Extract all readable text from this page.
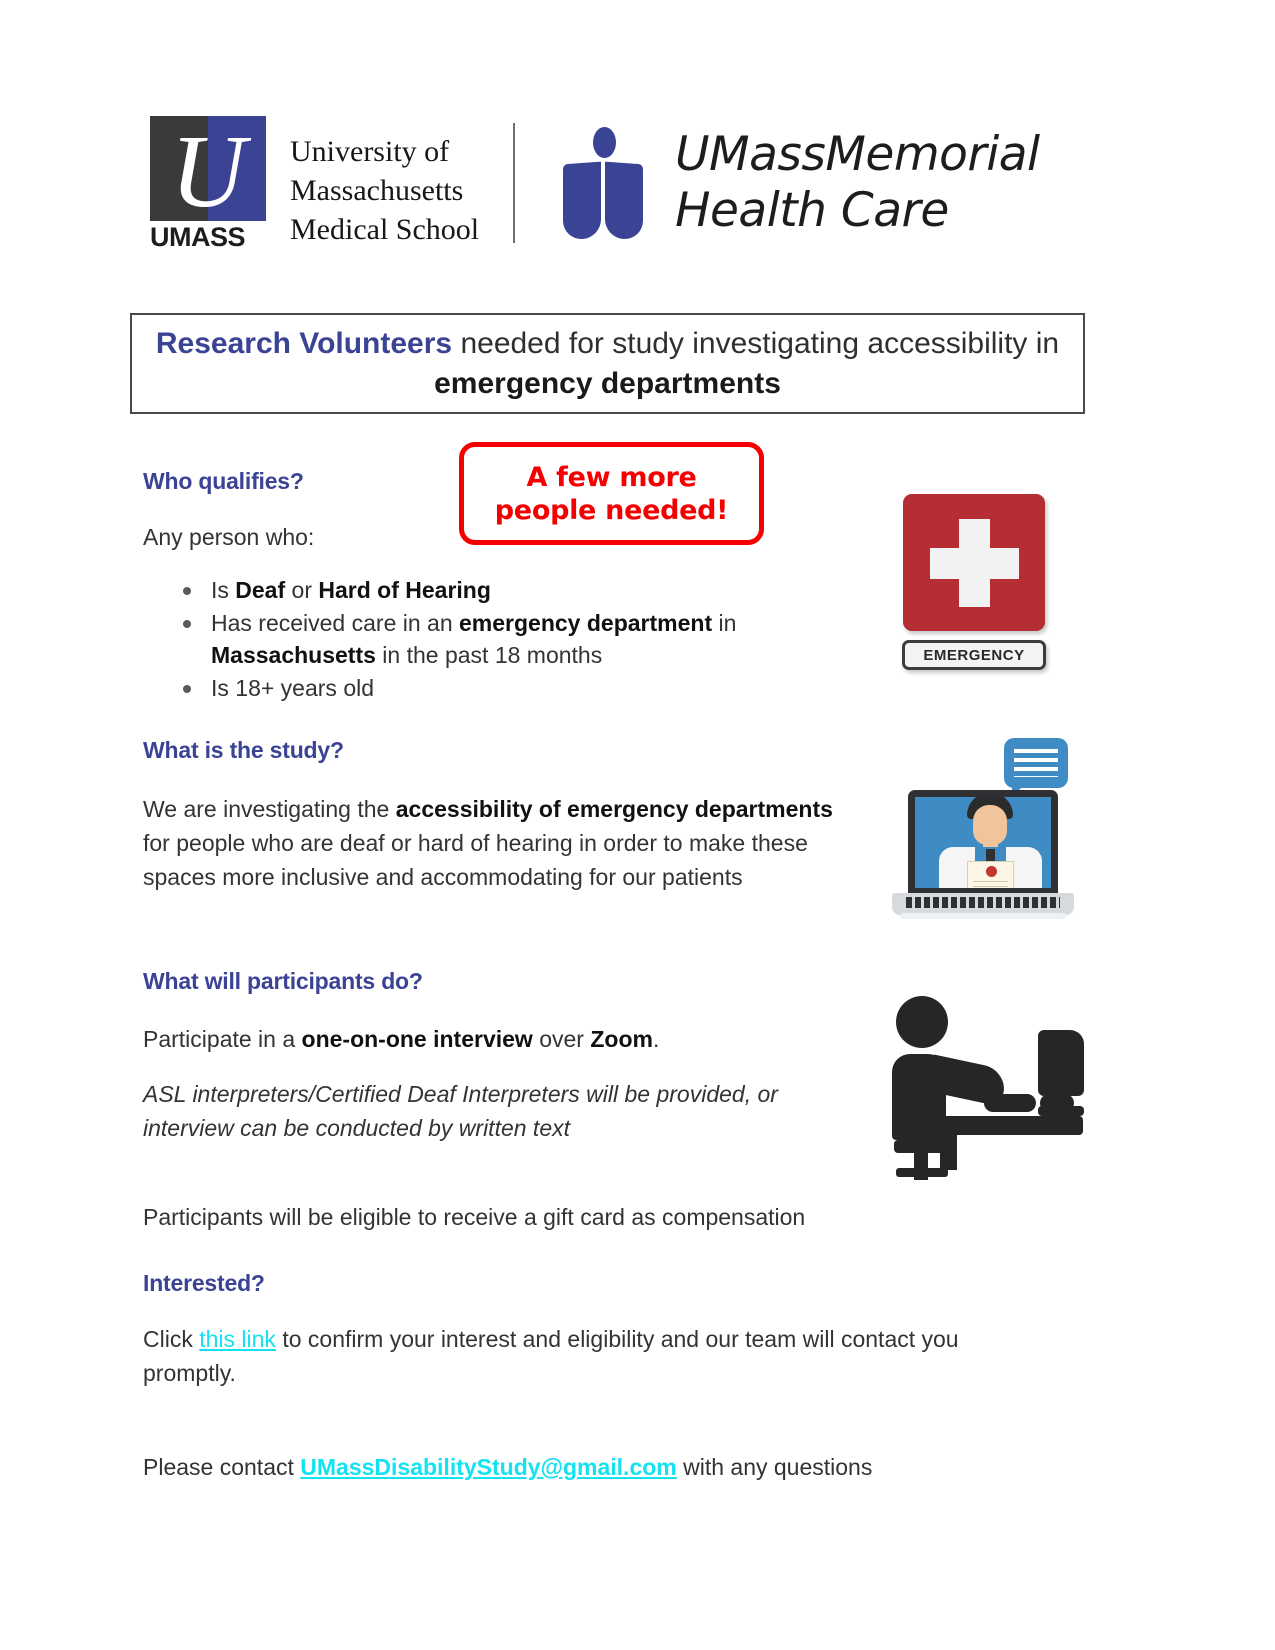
U
UMASS
University of
Massachusetts
Medical School
UMassMemorial
Health Care
Research Volunteers needed for study investigating accessibility in emergency departments
A few more
people needed!
Who qualifies?

Any person who:

Is Deaf or Hard of Hearing
Has received care in an emergency department in Massachusetts in the past 18 months
Is 18+ years old
What is the study?

We are investigating the accessibility of emergency departments for people who are deaf or hard of hearing in order to make these spaces more inclusive and accommodating for our patients

What will participants do?

Participate in a one-on-one interview over Zoom.

ASL interpreters/Certified Deaf Interpreters will be provided, or interview can be conducted by written text

Participants will be eligible to receive a gift card as compensation

Interested?

Click this link to confirm your interest and eligibility and our team will contact you promptly.

Please contact UMassDisabilityStudy@gmail.com with any questions

EMERGENCY
